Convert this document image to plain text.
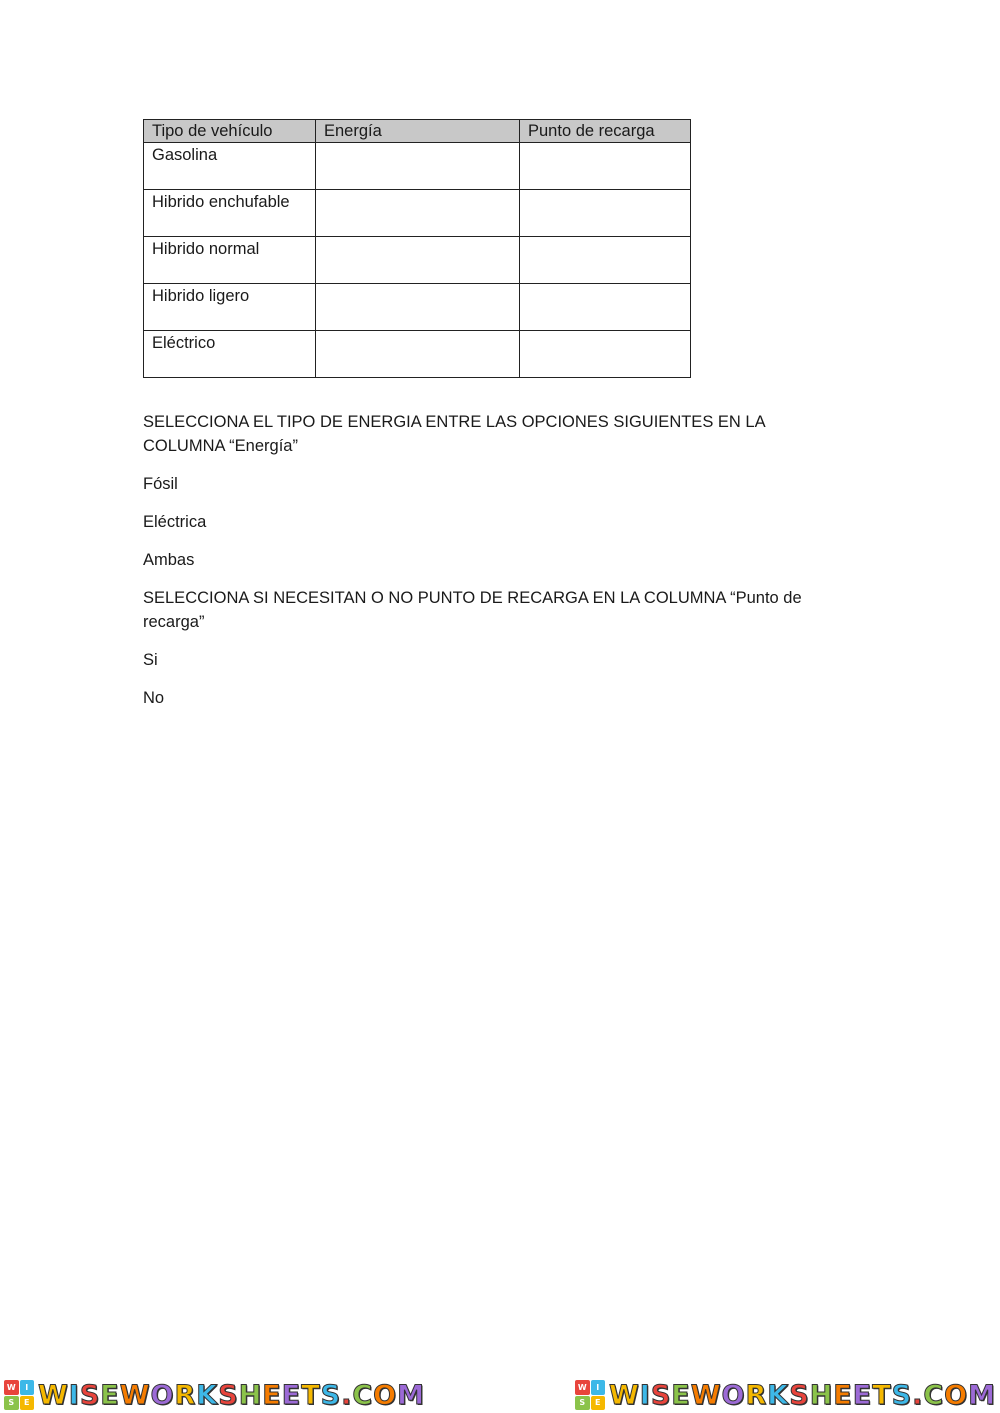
Tipo de vehículo	Energía	Punto de recarga
Gasolina		
Hibrido enchufable		
Hibrido normal		
Hibrido ligero		
Eléctrico		

SELECCIONA EL TIPO DE ENERGIA ENTRE LAS OPCIONES SIGUIENTES EN LA COLUMNA “Energía”

Fósil

Eléctrica

Ambas

SELECCIONA SI NECESITAN O NO PUNTO DE RECARGA EN LA COLUMNA “Punto de recarga”

Si

No

W	I
S	E W I S E W O R K S H E E T S . C O M	W	I
S	E W I S E W O R K S H E E T S . C O M
